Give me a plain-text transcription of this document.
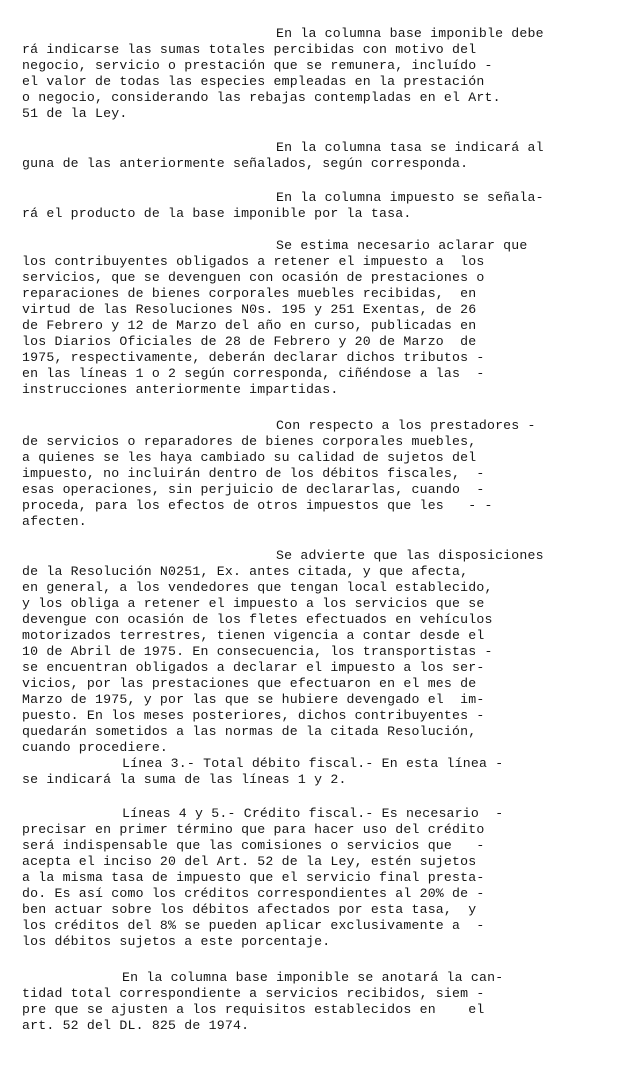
En la columna base imponible debe
rá indicarse las sumas totales percibidas con motivo del
negocio, servicio o prestación que se remunera, incluído -
el valor de todas las especies empleadas en la prestación
o negocio, considerando las rebajas contempladas en el Art.
51 de la Ley.
En la columna tasa se indicará al
guna de las anteriormente señalados, según corresponda.
En la columna impuesto se señala-
rá el producto de la base imponible por la tasa.
Se estima necesario aclarar que
los contribuyentes obligados a retener el impuesto a  los
servicios, que se devenguen con ocasión de prestaciones o
reparaciones de bienes corporales muebles recibidas,  en
virtud de las Resoluciones N0s. 195 y 251 Exentas, de 26
de Febrero y 12 de Marzo del año en curso, publicadas en
los Diarios Oficiales de 28 de Febrero y 20 de Marzo  de
1975, respectivamente, deberán declarar dichos tributos -
en las líneas 1 o 2 según corresponda, ciñéndose a las  -
instrucciones anteriormente impartidas.
Con respecto a los prestadores -
de servicios o reparadores de bienes corporales muebles,
a quienes se les haya cambiado su calidad de sujetos del
impuesto, no incluirán dentro de los débitos fiscales,  -
esas operaciones, sin perjuicio de declararlas, cuando  -
proceda, para los efectos de otros impuestos que les   - -
afecten.
Se advierte que las disposiciones
de la Resolución N0251, Ex. antes citada, y que afecta,
en general, a los vendedores que tengan local establecido,
y los obliga a retener el impuesto a los servicios que se
devengue con ocasión de los fletes efectuados en vehículos
motorizados terrestres, tienen vigencia a contar desde el
10 de Abril de 1975. En consecuencia, los transportistas -
se encuentran obligados a declarar el impuesto a los ser-
vicios, por las prestaciones que efectuaron en el mes de
Marzo de 1975, y por las que se hubiere devengado el  im-
puesto. En los meses posteriores, dichos contribuyentes -
quedarán sometidos a las normas de la citada Resolución,
cuando procediere.
Línea 3.- Total débito fiscal.- En esta línea -
se indicará la suma de las líneas 1 y 2.
Líneas 4 y 5.- Crédito fiscal.- Es necesario  -
precisar en primer término que para hacer uso del crédito
será indispensable que las comisiones o servicios que   -
acepta el inciso 20 del Art. 52 de la Ley, estén sujetos
a la misma tasa de impuesto que el servicio final presta-
do. Es así como los créditos correspondientes al 20% de -
ben actuar sobre los débitos afectados por esta tasa,  y
los créditos del 8% se pueden aplicar exclusivamente a  -
los débitos sujetos a este porcentaje.
En la columna base imponible se anotará la can-
tidad total correspondiente a servicios recibidos, siem -
pre que se ajusten a los requisitos establecidos en    el
art. 52 del DL. 825 de 1974.
